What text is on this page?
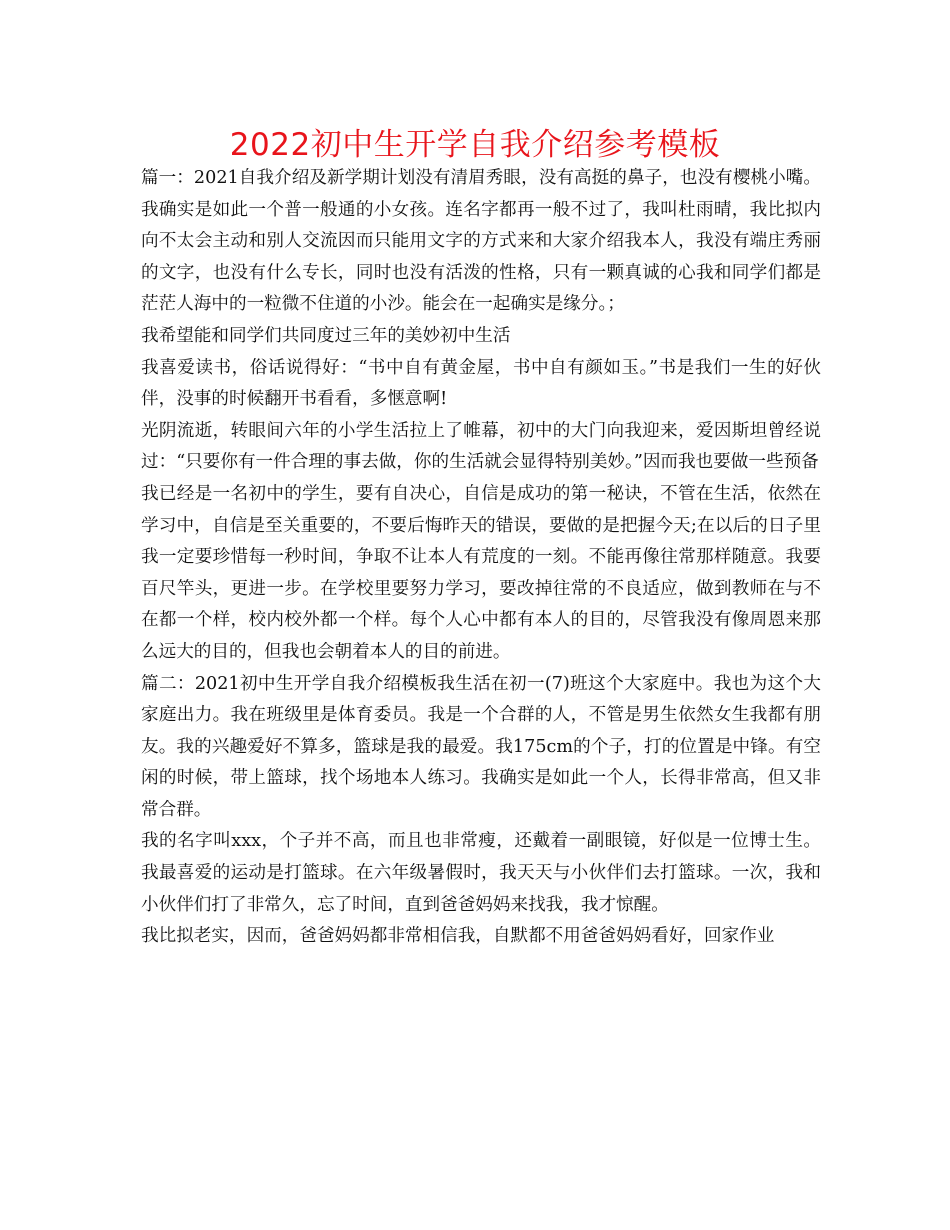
2022初中生开学自我介绍参考模板

篇一：2021自我介绍及新学期计划没有清眉秀眼，没有高挺的鼻子，也没有樱桃小嘴。我确实是如此一个普一般通的小女孩。连名字都再一般不过了，我叫杜雨晴，我比拟内向不太会主动和别人交流因而只能用文字的方式来和大家介绍我本人，我没有端庄秀丽的文字，也没有什么专长，同时也没有活泼的性格，只有一颗真诚的心我和同学们都是茫茫人海中的一粒微不住道的小沙。能会在一起确实是缘分。；

我希望能和同学们共同度过三年的美妙初中生活

我喜爱读书，俗话说得好：“书中自有黄金屋，书中自有颜如玉。”书是我们一生的好伙伴，没事的时候翻开书看看，多惬意啊!

光阴流逝，转眼间六年的小学生活拉上了帷幕，初中的大门向我迎来，爱因斯坦曾经说过：“只要你有一件合理的事去做，你的生活就会显得特别美妙。”因而我也要做一些预备

我已经是一名初中的学生，要有自决心，自信是成功的第一秘诀，不管在生活，依然在学习中，自信是至关重要的，不要后悔昨天的错误，要做的是把握今天;在以后的日子里我一定要珍惜每一秒时间，争取不让本人有荒度的一刻。不能再像往常那样随意。我要百尺竿头，更进一步。在学校里要努力学习，要改掉往常的不良适应，做到教师在与不在都一个样，校内校外都一个样。每个人心中都有本人的目的，尽管我没有像周恩来那么远大的目的，但我也会朝着本人的目的前进。

篇二：2021初中生开学自我介绍模板我生活在初一(7)班这个大家庭中。我也为这个大家庭出力。我在班级里是体育委员。我是一个合群的人，不管是男生依然女生我都有朋友。我的兴趣爱好不算多，篮球是我的最爱。我175cm的个子，打的位置是中锋。有空闲的时候，带上篮球，找个场地本人练习。我确实是如此一个人，长得非常高，但又非常合群。

我的名字叫xxx，个子并不高，而且也非常瘦，还戴着一副眼镜，好似是一位博士生。我最喜爱的运动是打篮球。在六年级暑假时，我天天与小伙伴们去打篮球。一次，我和小伙伴们打了非常久，忘了时间，直到爸爸妈妈来找我，我才惊醒。

我比拟老实，因而，爸爸妈妈都非常相信我，自默都不用爸爸妈妈看好，回家作业
